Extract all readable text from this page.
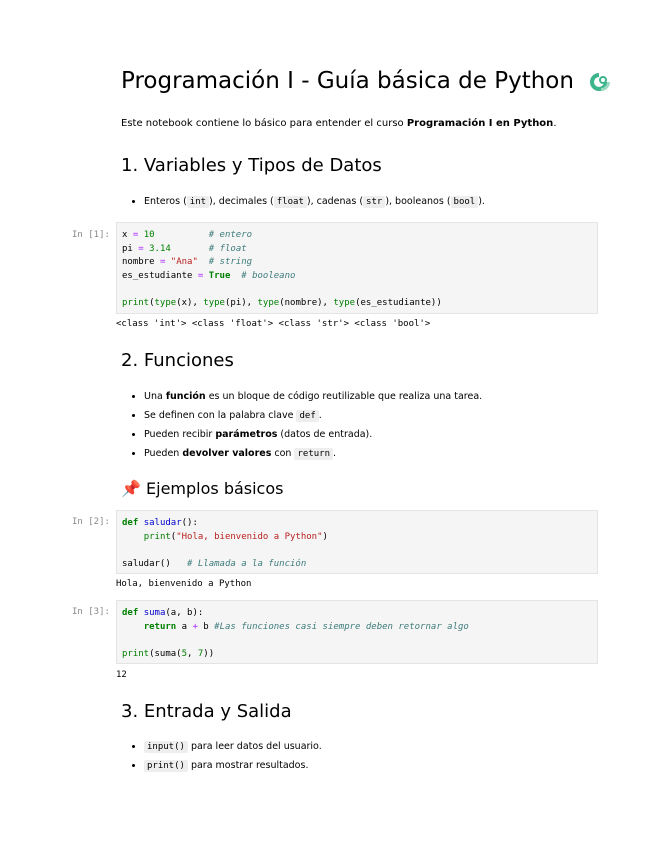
Programación I - Guía básica de Python
Este notebook contiene lo básico para entender el curso Programación I en Python.
1. Variables y Tipos de Datos
• Enteros ( int ), decimales ( float ), cadenas ( str ), booleanos ( bool ).
In [1]:	x = 10	# entero
pi = 3.14	# float
nombre = "Ana" # string
es_estudiante = True # booleano

print(type(x), type(pi), type(nombre), type(es_estudiante))
<class 'int'> <class 'float'> <class 'str'> <class 'bool'>
2. Funciones
• Una función es un bloque de código reutilizable que realiza una tarea.
• Se definen con la palabra clave def .
• Pueden recibir parámetros (datos de entrada).
• Pueden devolver valores con return .
📌 Ejemplos básicos
In [2]:	def saludar():
print("Hola, bienvenido a Python")

saludar()   # Llamada a la función
Hola, bienvenido a Python
In [3]:	def suma(a, b):
return a + b #Las funciones casi siempre deben retornar algo

print(suma(5, 7))
12
3. Entrada y Salida
• input() para leer datos del usuario.
• print() para mostrar resultados.
